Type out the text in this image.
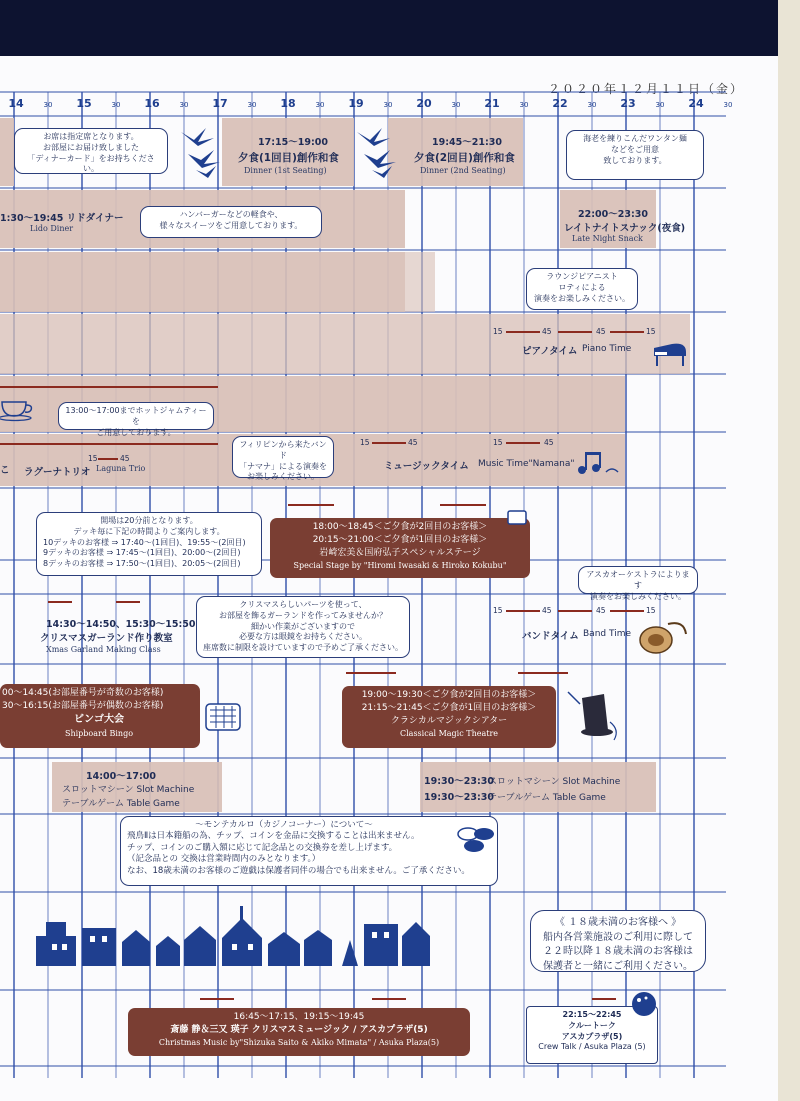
２０２０年１２月１１日（金）
14	30	15	30	16	30	17	30	18	30	19	30	20	30	21	30	22	30	23	30	24	30
お席は指定席となります。
お部屋にお届け致しました
「ディナーカード」をお持ちください。
17:15〜19:00
夕食(1回目)創作和食
Dinner (1st Seating)
19:45〜21:30
夕食(2回目)創作和食
Dinner (2nd Seating)
海老を練りこんだワンタン麺
などをご用意
致しております。
1:30〜19:45 リドダイナー
Lido Diner
ハンバーガーなどの軽食や、
様々なスイーツをご用意しております。
22:00〜23:30
レイトナイトスナック(夜食)
Late Night Snack
ラウンジピアニスト
ロティによる
演奏をお楽しみください。
15	45	45	15
ピアノタイム Piano Time
13:00〜17:00までホットジャムティーを
ご用意しております。
こ
15	45
ラグーナトリオ Laguna Trio
フィリピンから来たバンド
「ナマナ」による演奏を
お楽しみください。
15	45	15	45
ミュージックタイム Music Time"Namana"
開場は20分前となります。
デッキ毎に下記の時間よりご案内します。
10デッキのお客様 ⇒ 17:40〜(1回目)、19:55〜(2回目)
9デッキのお客様 ⇒ 17:45〜(1回目)、20:00〜(2回目)
8デッキのお客様 ⇒ 17:50〜(1回目)、20:05〜(2回目)
18:00〜18:45＜ご夕食が2回目のお客様＞
20:15〜21:00＜ご夕食が1回目のお客様＞
岩崎宏美＆国府弘子スペシャルステージ
Special Stage by "Hiromi Iwasaki & Hiroko Kokubu"
14:30〜14:50、15:30〜15:50
クリスマスガーランド作り教室
Xmas Garland Making Class
クリスマスらしいパーツを使って、
お部屋を飾るガーランドを作ってみませんか？
細かい作業がございますので
必要な方は眼鏡をお持ちください。
座席数に制限を設けていますので予めご了承ください。
アスカオーケストラによります
演奏をお楽しみください。
15	45	45	15
バンドタイム Band Time
00〜14:45(お部屋番号が奇数のお客様)
30〜16:15(お部屋番号が偶数のお客様)
ビンゴ大会
Shipboard Bingo
19:00〜19:30＜ご夕食が2回目のお客様＞
21:15〜21:45＜ご夕食が1回目のお客様＞
クラシカルマジックシアター
Classical Magic Theatre
14:00〜17:00
スロットマシーン Slot Machine
テーブルゲーム Table Game
19:30〜23:30
スロットマシーン Slot Machine
19:30〜23:30
テーブルゲーム Table Game
〜モンテカルロ（カジノコーナー）について〜
飛鳥Ⅱは日本籍船の為、チップ、コインを金品に交換することは出来ません。
チップ、コインのご購入額に応じて記念品との交換券を差し上げます。
（記念品との 交換は営業時間内のみとなります。）
なお、18歳未満のお客様のご遊戯は保護者同伴の場合でも出来ません。ご了承ください。
《 １８歳未満のお客様へ 》
船内各営業施設のご利用に際して
２２時以降１８歳未満のお客様は
保護者と一緒にご利用ください。
16:45〜17:15、19:15〜19:45
斎藤 静＆三又 瑛子 クリスマスミュージック / アスカプラザ(5)
Christmas Music by"Shizuka Saito & Akiko Mimata" / Asuka Plaza(5)
22:15〜22:45
クルートーク
アスカプラザ(5)
Crew Talk / Asuka Plaza (5)
